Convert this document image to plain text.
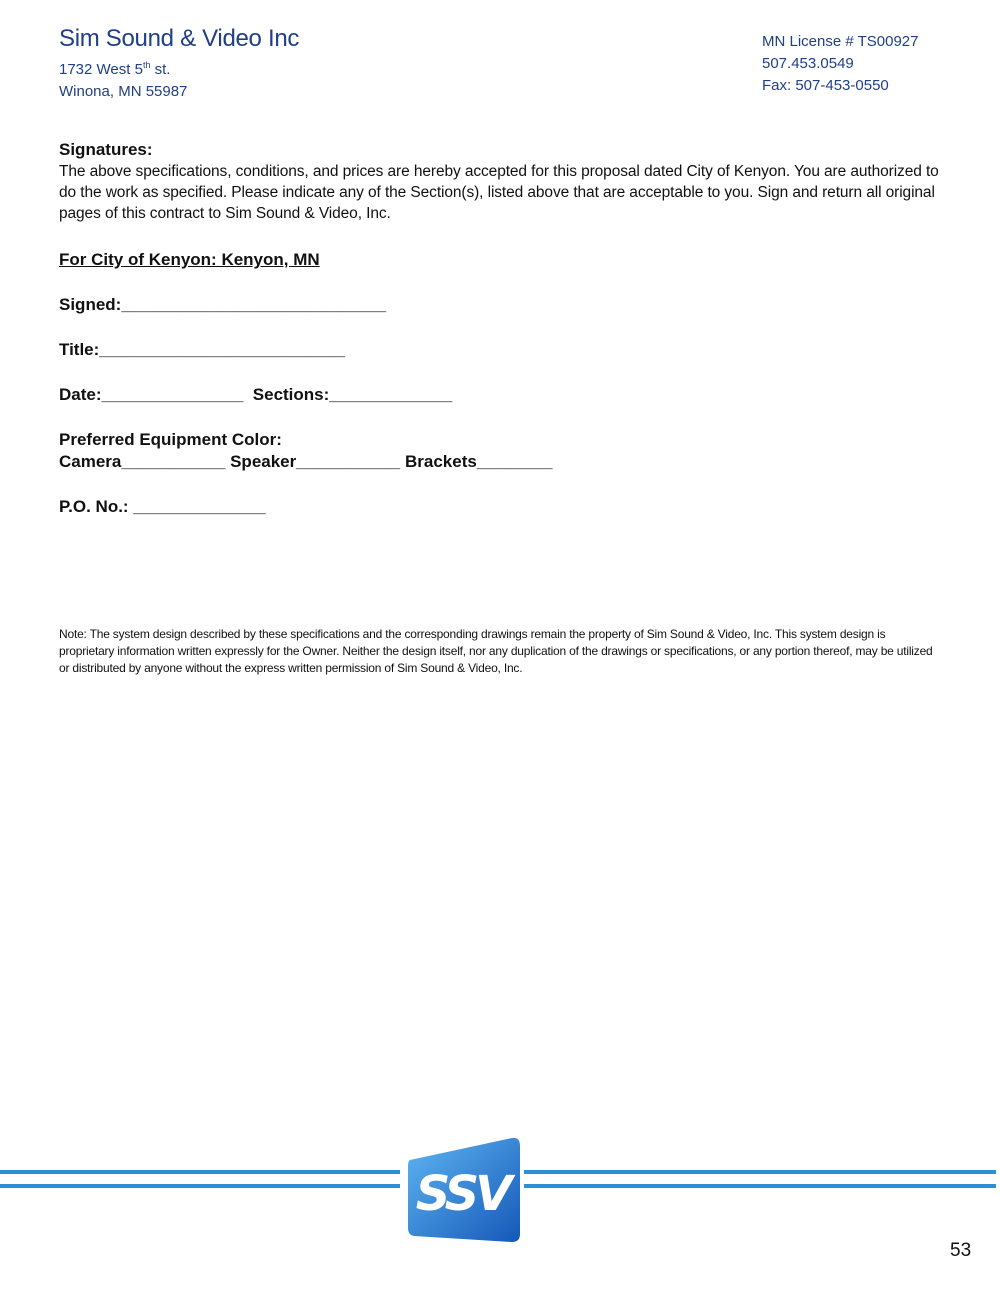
Sim Sound & Video Inc
1732 West 5th st.
Winona, MN 55987
MN License # TS00927
507.453.0549
Fax: 507-453-0550
Signatures:
The above specifications, conditions, and prices are hereby accepted for this proposal dated City of Kenyon. You are authorized to do the work as specified. Please indicate any of the Section(s), listed above that are acceptable to you. Sign and return all original pages of this contract to Sim Sound & Video, Inc.
For City of Kenyon: Kenyon, MN
Signed:____________________________
Title:__________________________
Date:_______________  Sections:_____________
Preferred Equipment Color:
Camera___________ Speaker___________ Brackets________
P.O. No.: ______________
Note: The system design described by these specifications and the corresponding drawings remain the property of Sim Sound & Video, Inc. This system design is proprietary information written expressly for the Owner. Neither the design itself, nor any duplication of the drawings or specifications, or any portion thereof, may be utilized or distributed by anyone without the express written permission of Sim Sound & Video, Inc.
SSV
53
